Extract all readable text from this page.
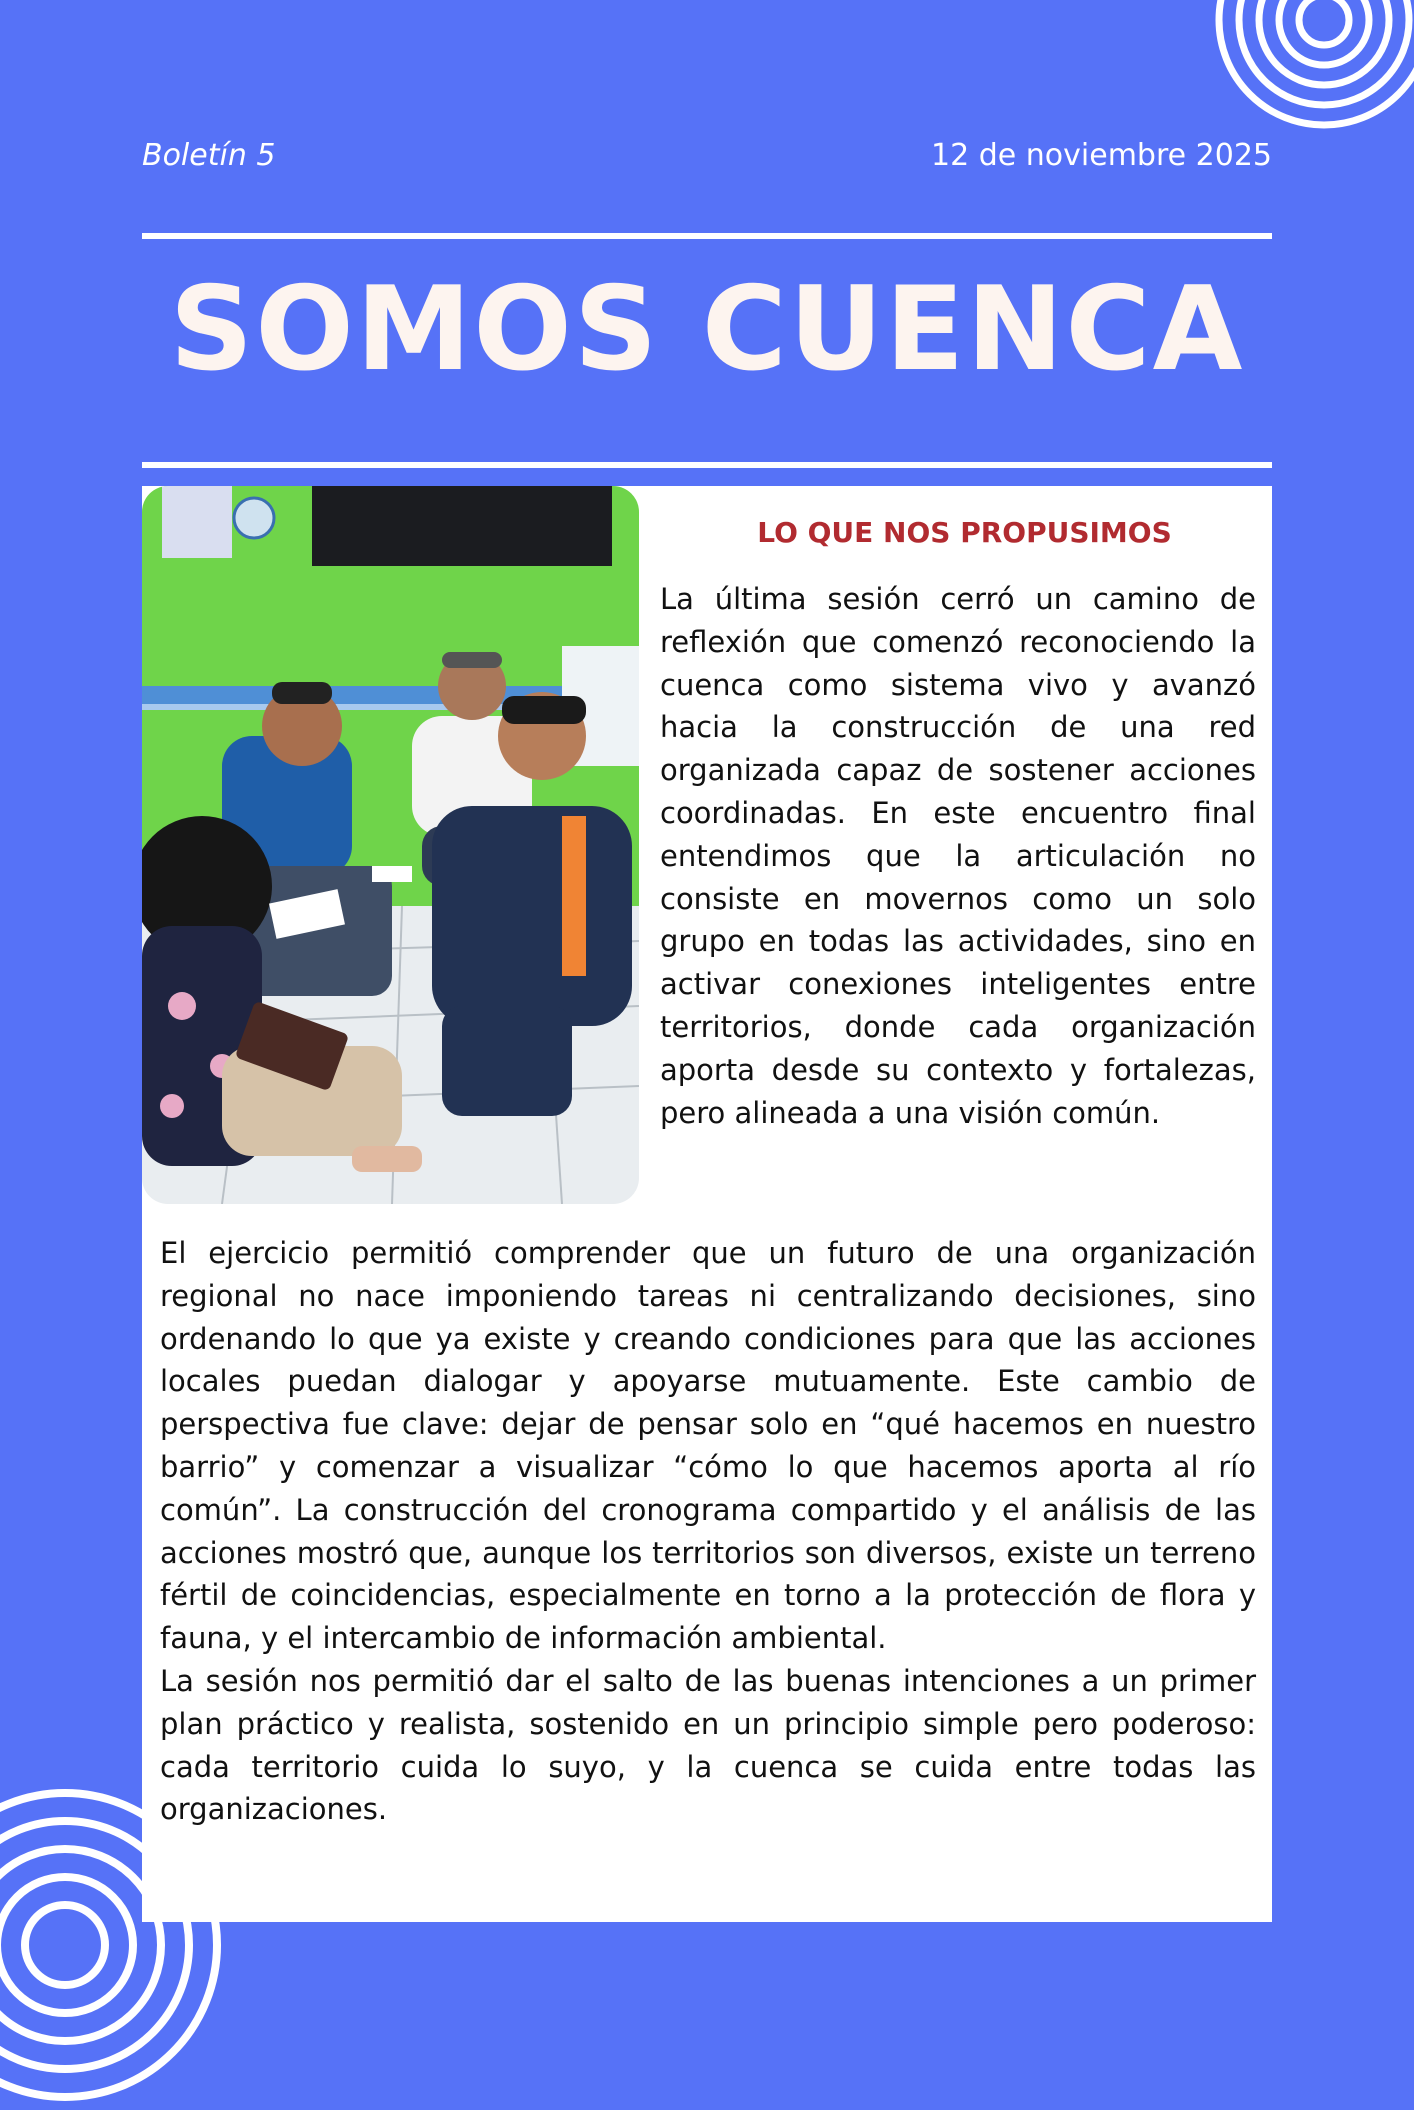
Boletín 5	12 de noviembre 2025
SOMOS CUENCA
LO QUE NOS PROPUSIMOS

La última sesión cerró un camino de reflexión que comenzó reconociendo la cuenca como sistema vivo y avanzó hacia la construcción de una red organizada capaz de sostener acciones coordinadas. En este encuentro final entendimos que la articulación no consiste en movernos como un solo grupo en todas las actividades, sino en activar conexiones inteligentes entre territorios, donde cada organización aporta desde su contexto y fortalezas, pero alineada a una visión común.

El ejercicio permitió comprender que un futuro de una organización regional no nace imponiendo tareas ni centralizando decisiones, sino ordenando lo que ya existe y creando condiciones para que las acciones locales puedan dialogar y apoyarse mutuamente. Este cambio de perspectiva fue clave: dejar de pensar solo en “qué hacemos en nuestro barrio” y comenzar a visualizar “cómo lo que hacemos aporta al río común”. La construcción del cronograma compartido y el análisis de las acciones mostró que, aunque los territorios son diversos, existe un terreno fértil de coincidencias, especialmente en torno a la protección de flora y fauna, y el intercambio de información ambiental.

La sesión nos permitió dar el salto de las buenas intenciones a un primer plan práctico y realista, sostenido en un principio simple pero poderoso: cada territorio cuida lo suyo, y la cuenca se cuida entre todas las organizaciones.
